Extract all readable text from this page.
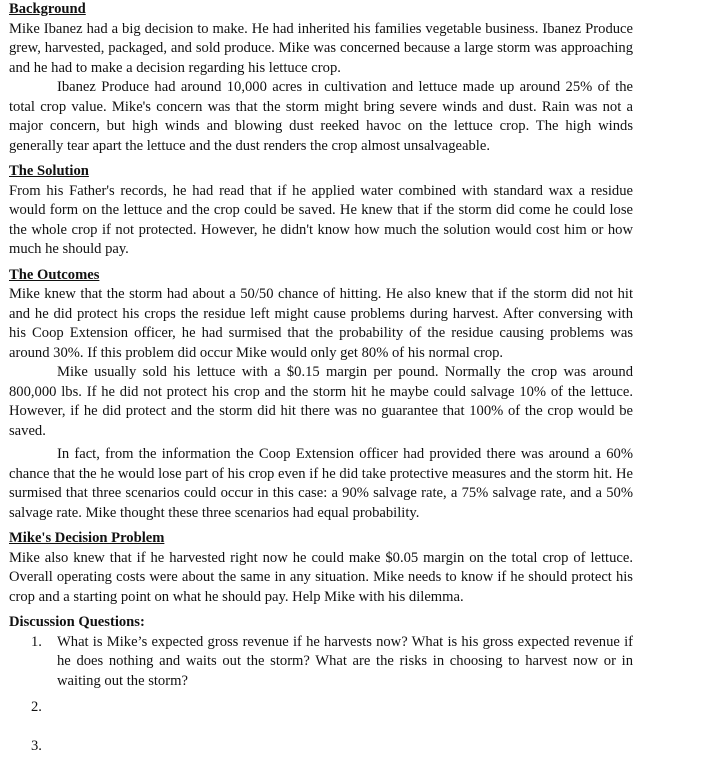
Background

Mike Ibanez had a big decision to make. He had inherited his families vegetable business. Ibanez Produce grew, harvested, packaged, and sold produce. Mike was concerned because a large storm was approaching and he had to make a decision regarding his lettuce crop.

Ibanez Produce had around 10,000 acres in cultivation and lettuce made up around 25% of the total crop value. Mike's concern was that the storm might bring severe winds and dust. Rain was not a major concern, but high winds and blowing dust reeked havoc on the lettuce crop. The high winds generally tear apart the lettuce and the dust renders the crop almost unsalvageable.

The Solution

From his Father's records, he had read that if he applied water combined with standard wax a residue would form on the lettuce and the crop could be saved. He knew that if the storm did come he could lose the whole crop if not protected. However, he didn't know how much the solution would cost him or how much he should pay.

The Outcomes

Mike knew that the storm had about a 50/50 chance of hitting. He also knew that if the storm did not hit and he did protect his crops the residue left might cause problems during harvest. After conversing with his Coop Extension officer, he had surmised that the probability of the residue causing problems was around 30%. If this problem did occur Mike would only get 80% of his normal crop.

Mike usually sold his lettuce with a $0.15 margin per pound. Normally the crop was around 800,000 lbs. If he did not protect his crop and the storm hit he maybe could salvage 10% of the lettuce. However, if he did protect and the storm did hit there was no guarantee that 100% of the crop would be saved.

In fact, from the information the Coop Extension officer had provided there was around a 60% chance that the he would lose part of his crop even if he did take protective measures and the storm hit. He surmised that three scenarios could occur in this case: a 90% salvage rate, a 75% salvage rate, and a 50% salvage rate. Mike thought these three scenarios had equal probability.

Mike's Decision Problem

Mike also knew that if he harvested right now he could make $0.05 margin on the total crop of lettuce. Overall operating costs were about the same in any situation. Mike needs to know if he should protect his crop and a starting point on what he should pay. Help Mike with his dilemma.

Discussion Questions:
1.	What is Mike’s expected gross revenue if he harvests now? What is his gross expected revenue if he does nothing and waits out the storm? What are the risks in choosing to harvest now or in waiting out the storm?
2.
3.
